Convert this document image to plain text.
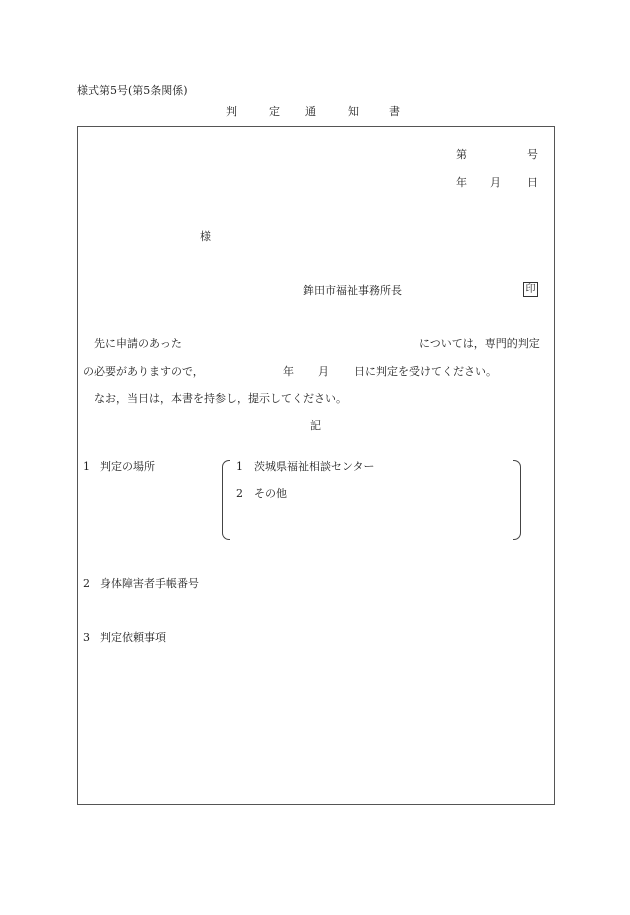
様式第5号(第5条関係)
判	定 通	知	書
第	号
年 月 日
様
鉾田市福祉事務所長	印
先に申請のあった	については，専門的判定
の必要がありますので，	年 月 日に判定を受けてください。
なお，当日は，本書を持参し，提示してください。
記
1 判定の場所	1 茨城県福祉相談センター
2 その他
2 身体障害者手帳番号
3 判定依頼事項
